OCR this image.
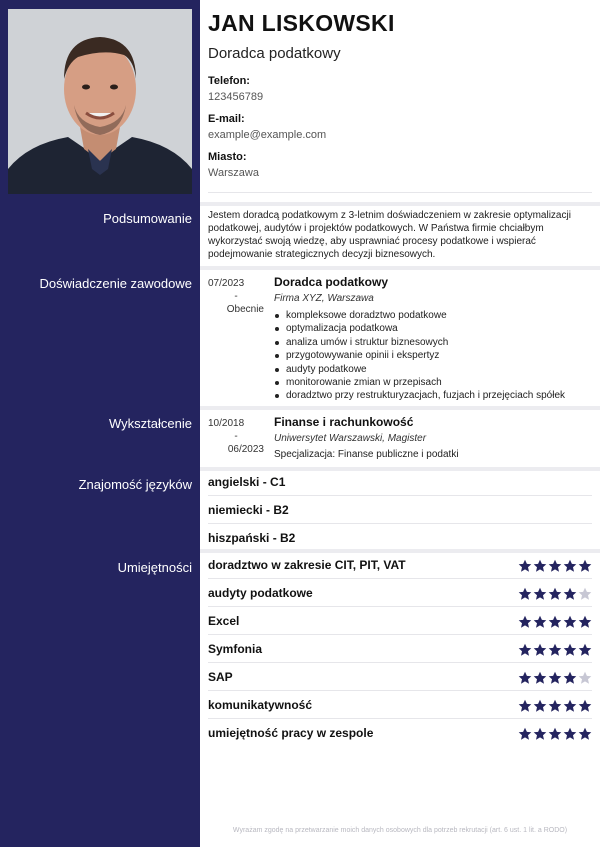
JAN LISKOWSKI
Doradca podatkowy
Telefon:
123456789
E-mail:
example@example.com
Miasto:
Warszawa
Podsumowanie Jestem doradcą podatkowym z 3-letnim doświadczeniem w zakresie optymalizacji podatkowej, audytów i projektów podatkowych. W Państwa firmie chciałbym wykorzystać swoją wiedzę, aby usprawniać procesy podatkowe i wspierać podejmowanie strategicznych decyzji biznesowych.
Doświadczenie zawodowe 07/2023
-
Obecnie
Doradca podatkowy
Firma XYZ, Warszawa
kompleksowe doradztwo podatkowe
optymalizacja podatkowa
analiza umów i struktur biznesowych
przygotowywanie opinii i ekspertyz
audyty podatkowe
monitorowanie zmian w przepisach
doradztwo przy restrukturyzacjach, fuzjach i przejęciach spółek
Wykształcenie 10/2018
-
06/2023
Finanse i rachunkowość
Uniwersytet Warszawski, Magister
Specjalizacja: Finanse publiczne i podatki
Znajomość języków angielski - C1
niemiecki - B2
hiszpański - B2
Umiejętności doradztwo w zakresie CIT, PIT, VAT
audyty podatkowe
Excel
Symfonia
SAP
komunikatywność
umiejętność pracy w zespole
Wyrażam zgodę na przetwarzanie moich danych osobowych dla potrzeb rekrutacji (art. 6 ust. 1 lit. a RODO)
